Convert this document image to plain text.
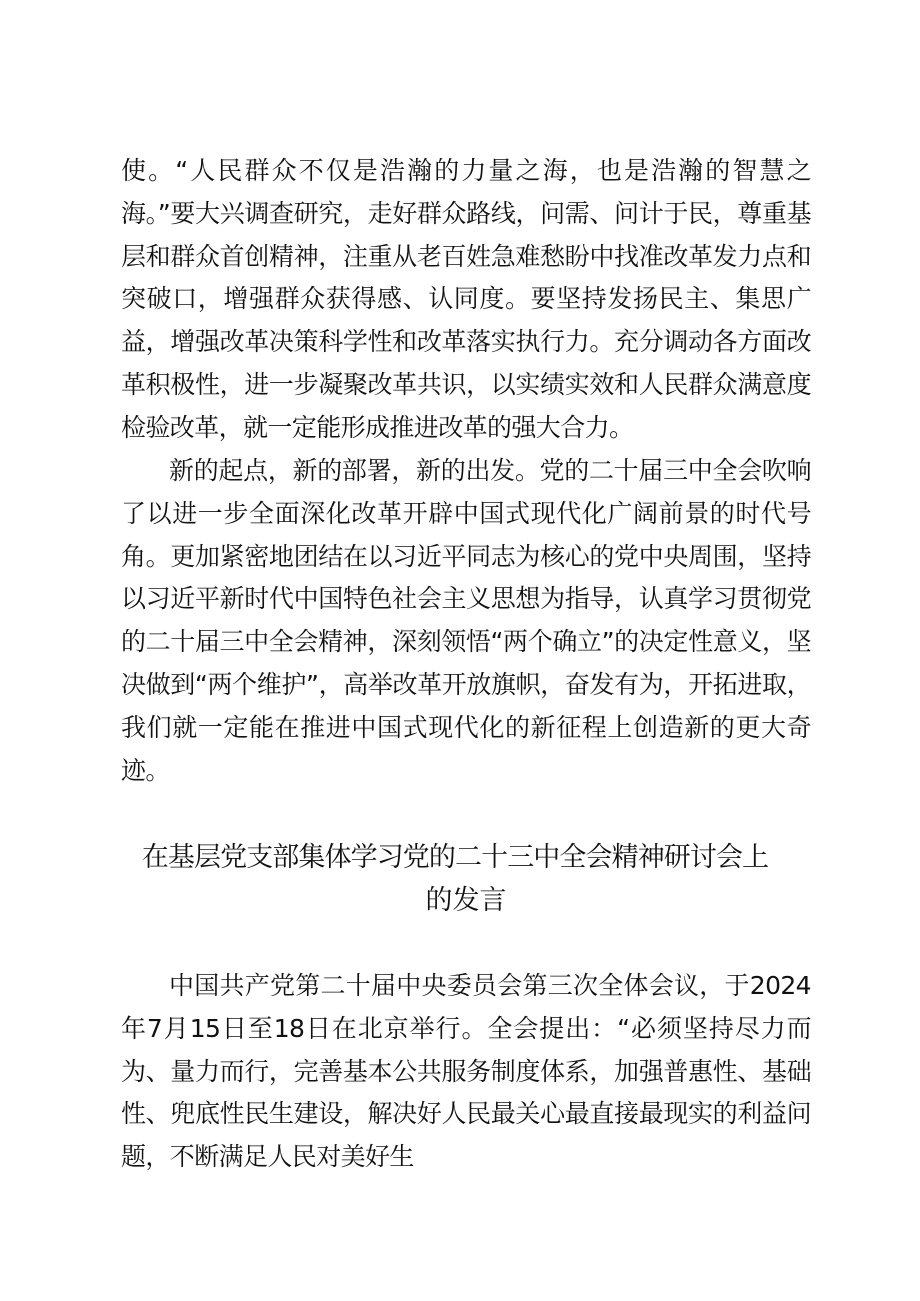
使。“人民群众不仅是浩瀚的力量之海，也是浩瀚的智慧之海。”要大兴调查研究，走好群众路线，问需、问计于民，尊重基层和群众首创精神，注重从老百姓急难愁盼中找准改革发力点和突破口，增强群众获得感、认同度。要坚持发扬民主、集思广益，增强改革决策科学性和改革落实执行力。充分调动各方面改革积极性，进一步凝聚改革共识，以实绩实效和人民群众满意度检验改革，就一定能形成推进改革的强大合力。

新的起点，新的部署，新的出发。党的二十届三中全会吹响了以进一步全面深化改革开辟中国式现代化广阔前景的时代号角。更加紧密地团结在以习近平同志为核心的党中央周围，坚持以习近平新时代中国特色社会主义思想为指导，认真学习贯彻党的二十届三中全会精神，深刻领悟“两个确立”的决定性意义，坚决做到“两个维护”，高举改革开放旗帜，奋发有为，开拓进取，我们就一定能在推进中国式现代化的新征程上创造新的更大奇迹。

在基层党支部集体学习党的二十三中全会精神研讨会上
的发言

中国共产党第二十届中央委员会第三次全体会议，于2024年7月15日至18日在北京举行。全会提出：“必须坚持尽力而为、量力而行，完善基本公共服务制度体系，加强普惠性、基础性、兜底性民生建设，解决好人民最关心最直接最现实的利益问题，不断满足人民对美好生
